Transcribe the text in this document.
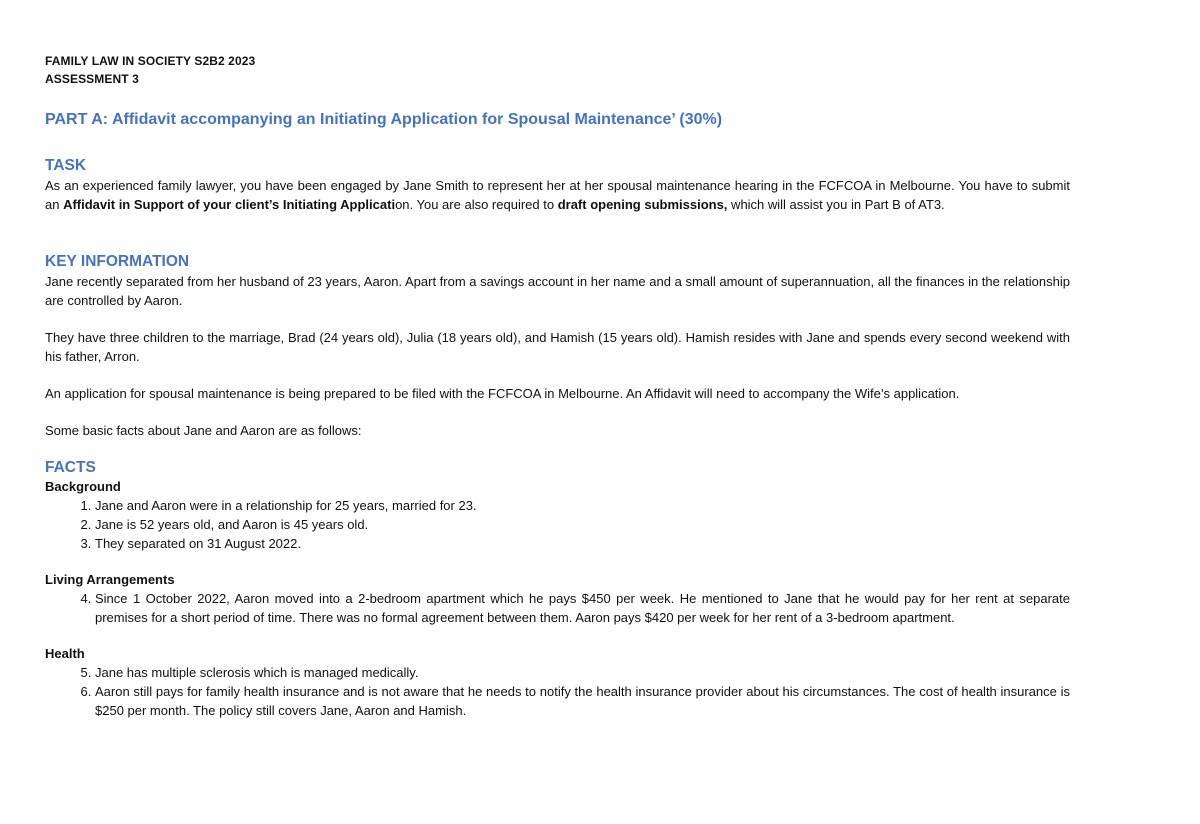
FAMILY LAW IN SOCIETY S2B2 2023
ASSESSMENT 3
PART A: Affidavit accompanying an Initiating Application for Spousal Maintenance’ (30%)
TASK
As an experienced family lawyer, you have been engaged by Jane Smith to represent her at her spousal maintenance hearing in the FCFCOA in Melbourne. You have to submit an Affidavit in Support of your client’s Initiating Application. You are also required to draft opening submissions, which will assist you in Part B of AT3.
KEY INFORMATION
Jane recently separated from her husband of 23 years, Aaron. Apart from a savings account in her name and a small amount of superannuation, all the finances in the relationship are controlled by Aaron.
They have three children to the marriage, Brad (24 years old), Julia (18 years old), and Hamish (15 years old). Hamish resides with Jane and spends every second weekend with his father, Arron.
An application for spousal maintenance is being prepared to be filed with the FCFCOA in Melbourne. An Affidavit will need to accompany the Wife’s application.
Some basic facts about Jane and Aaron are as follows:
FACTS
Background
1. Jane and Aaron were in a relationship for 25 years, married for 23.
2. Jane is 52 years old, and Aaron is 45 years old.
3. They separated on 31 August 2022.
Living Arrangements
4. Since 1 October 2022, Aaron moved into a 2-bedroom apartment which he pays $450 per week. He mentioned to Jane that he would pay for her rent at separate premises for a short period of time. There was no formal agreement between them. Aaron pays $420 per week for her rent of a 3-bedroom apartment.
Health
5. Jane has multiple sclerosis which is managed medically.
6. Aaron still pays for family health insurance and is not aware that he needs to notify the health insurance provider about his circumstances. The cost of health insurance is $250 per month. The policy still covers Jane, Aaron and Hamish.
